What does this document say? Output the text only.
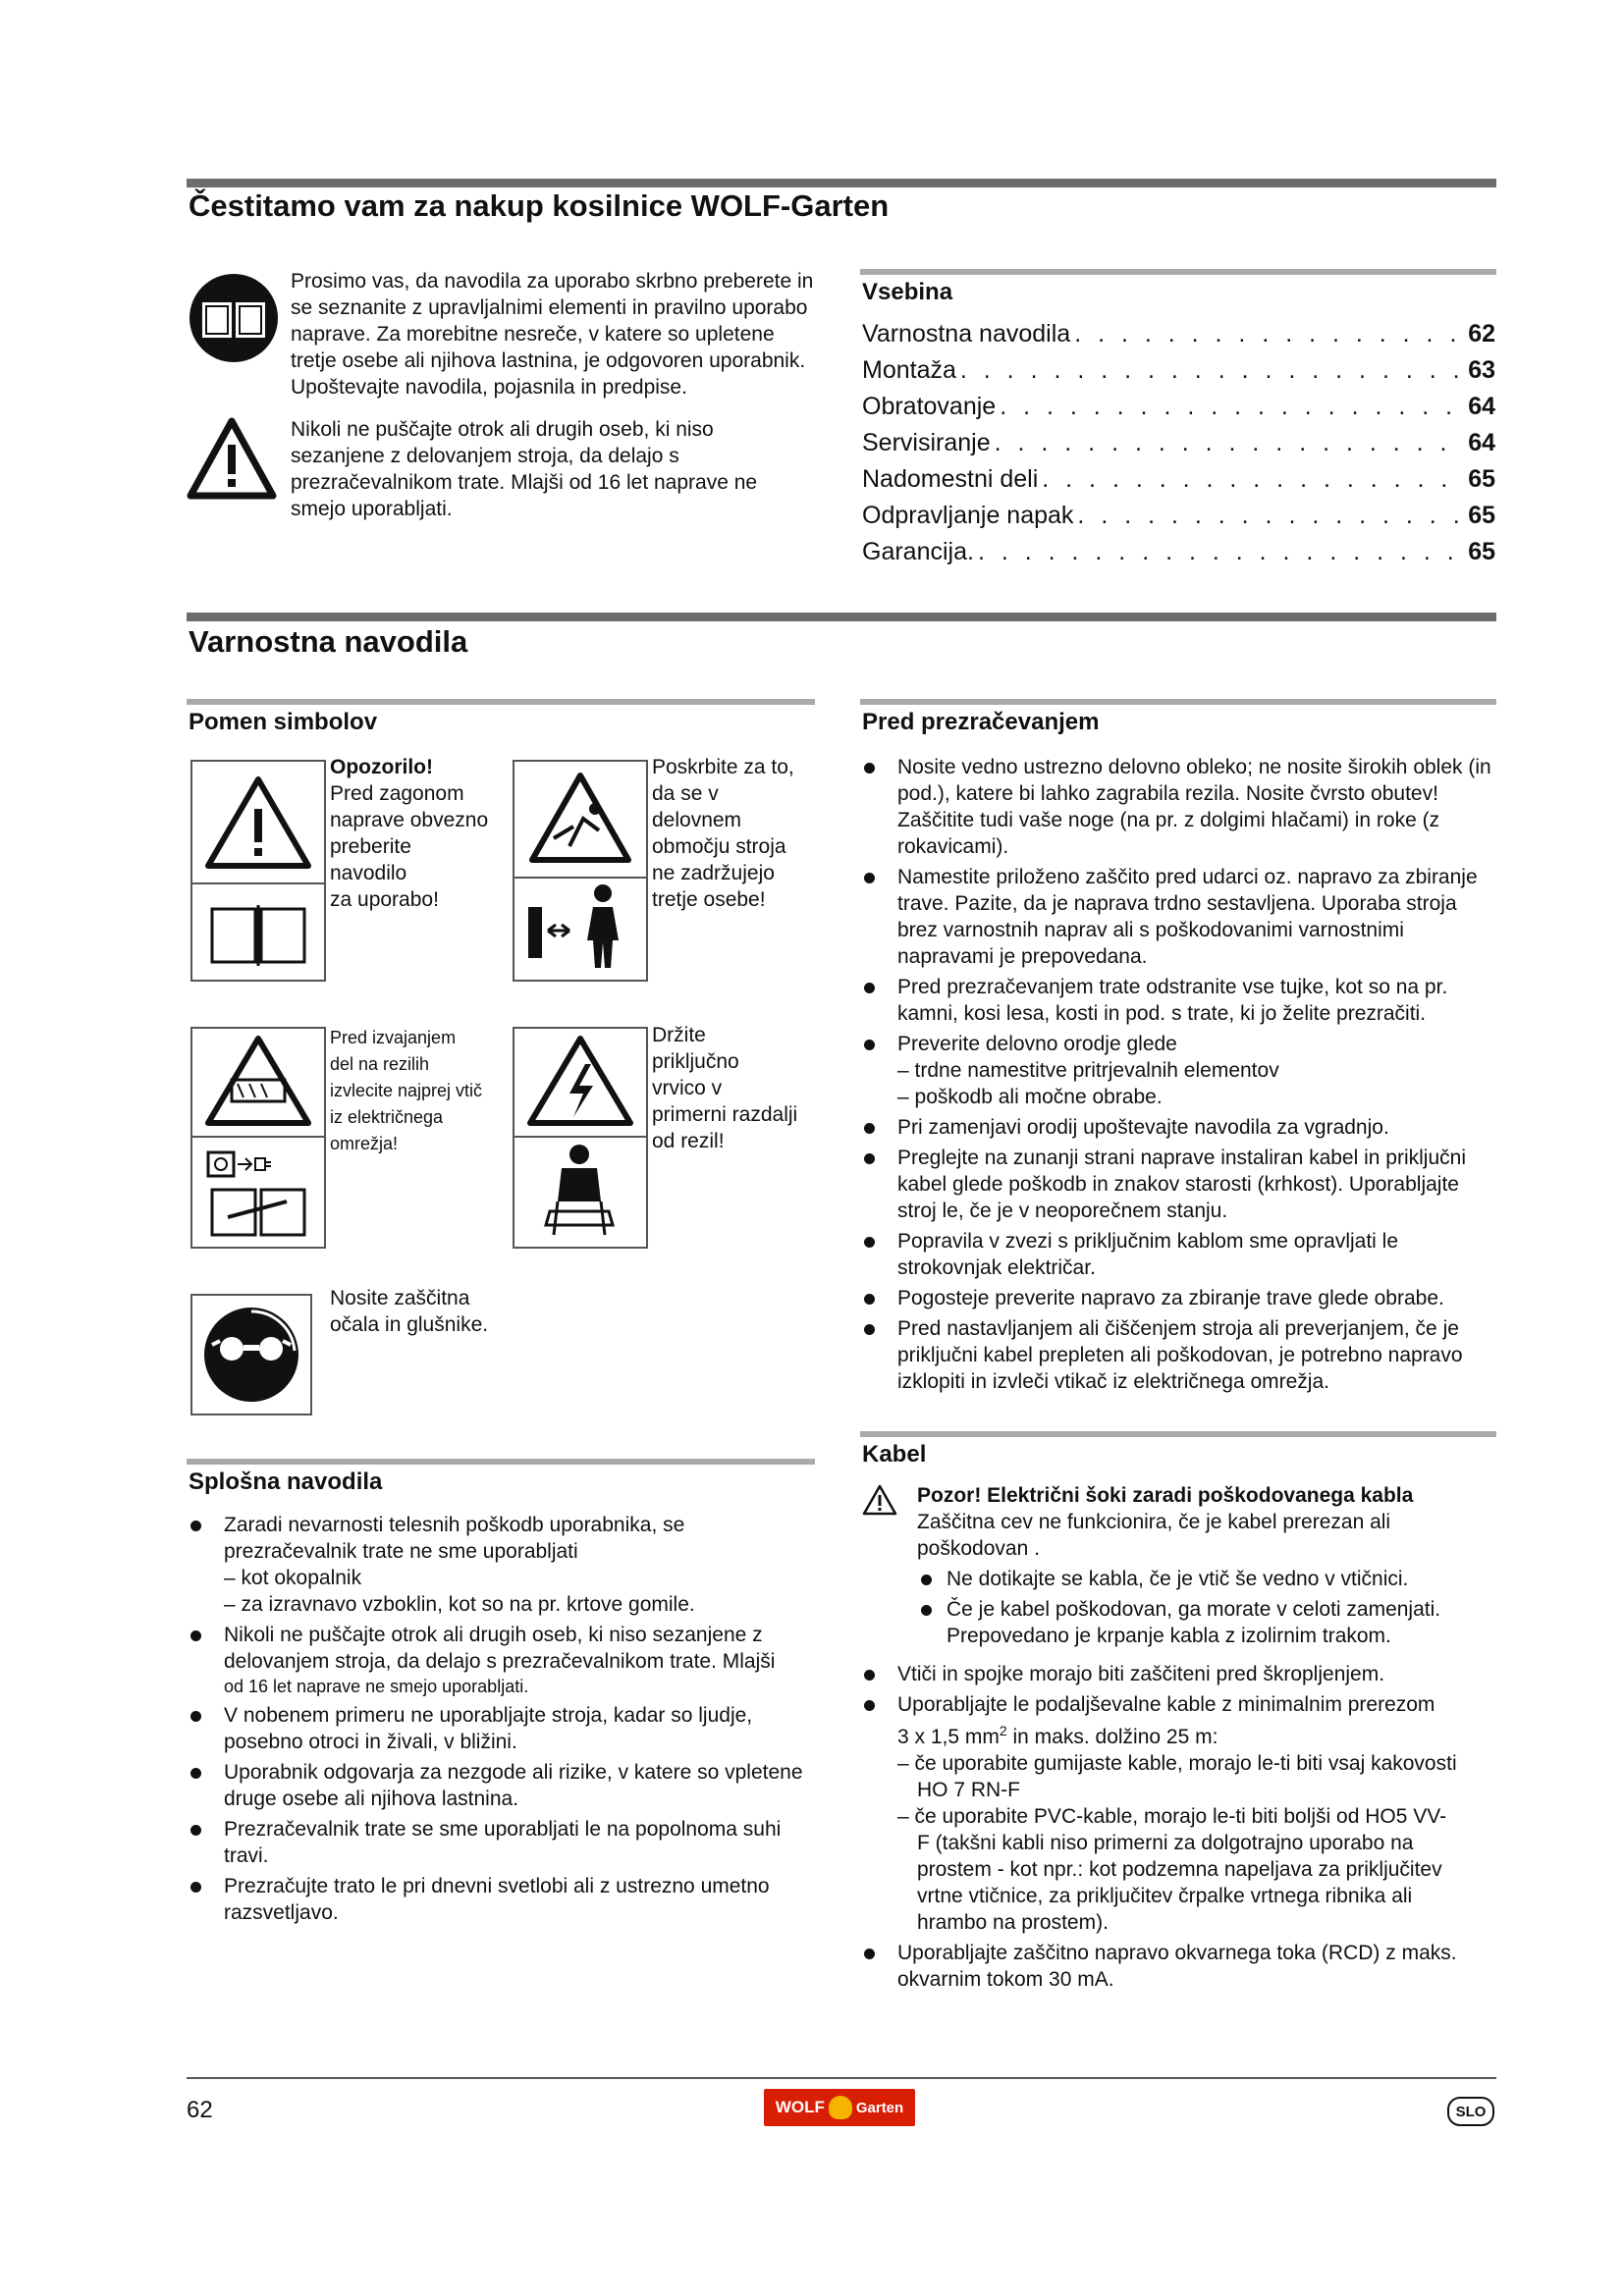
Čestitamo vam za nakup kosilnice WOLF-Garten
Prosimo vas, da navodila za uporabo skrbno preberete in se seznanite z upravljalnimi elementi in pravilno uporabo naprave. Za morebitne nesreče, v katere so upletene tretje osebe ali njihova lastnina, je odgovoren uporabnik. Upoštevajte navodila, pojasnila in predpise.
Nikoli ne puščajte otrok ali drugih oseb, ki niso sezanjene z delovanjem stroja, da delajo s prezračevalnikom trate. Mlajši od 16 let naprave ne smejo uporabljati.
Vsebina
Varnostna navodila . . .	62
Montaža . . .	63
Obratovanje . . .	64
Servisiranje . . .	64
Nadomestni deli . . .	65
Odpravljanje napak . . .	65
Garancija. . . .	65
Varnostna navodila
Pomen simbolov
Opozorilo!
Pred zagonom
naprave obvezno
preberite
navodilo
za uporabo!
Poskrbite za to,
da se v
delovnem
območju stroja
ne zadržujejo
tretje osebe!
Pred izvajanjem
del na rezilih
izvlecite najprej vtič
iz električnega
omrežja!
Držite
priključno
vrvico v
primerni razdalji
od rezil!
Nosite zaščitna
očala in glušnike.
Splošna navodila
Zaradi nevarnosti telesnih poškodb uporabnika, se prezračevalnik trate ne sme uporabljati
– kot okopalnik
– za izravnavo vzboklin, kot so na pr. krtove gomile.
Nikoli ne puščajte otrok ali drugih oseb, ki niso sezanjene z delovanjem stroja, da delajo s prezračevalnikom trate. Mlajši
od 16 let naprave ne smejo uporabljati.
V nobenem primeru ne uporabljajte stroja, kadar so ljudje, posebno otroci in živali, v bližini.
Uporabnik odgovarja za nezgode ali rizike, v katere so vpletene druge osebe ali njihova lastnina.
Prezračevalnik trate se sme uporabljati le na popolnoma suhi travi.
Prezračujte trato le pri dnevni svetlobi ali z ustrezno umetno razsvetljavo.
Pred prezračevanjem
Nosite vedno ustrezno delovno obleko; ne nosite širokih oblek (in pod.), katere bi lahko zagrabila rezila. Nosite čvrsto obutev! Zaščitite tudi vaše noge (na pr. z dolgimi hlačami) in roke (z rokavicami).
Namestite priloženo zaščito pred udarci oz. napravo za zbiranje trave. Pazite, da je naprava trdno sestavljena. Uporaba stroja brez varnostnih naprav ali s poškodovanimi varnostnimi napravami je prepovedana.
Pred prezračevanjem trate odstranite vse tujke, kot so na pr. kamni, kosi lesa, kosti in pod. s trate, ki jo želite prezračiti.
Preverite delovno orodje glede
– trdne namestitve pritrjevalnih elementov
– poškodb ali močne obrabe.
Pri zamenjavi orodij upoštevajte navodila za vgradnjo.
Preglejte na zunanji strani naprave instaliran kabel in priključni kabel glede poškodb in znakov starosti (krhkost). Uporabljajte stroj le, če je v neoporečnem stanju.
Popravila v zvezi s priključnim kablom sme opravljati le strokovnjak električar.
Pogosteje preverite napravo za zbiranje trave glede obrabe.
Pred nastavljanjem ali čiščenjem stroja ali preverjanjem, če je priključni kabel prepleten ali poškodovan, je potrebno napravo izklopiti in izvleči vtikač iz električnega omrežja.
Kabel
Pozor! Električni šoki zaradi poškodovanega kabla
Zaščitna cev ne funkcionira, če je kabel prerezan ali poškodovan .
Ne dotikajte se kabla, če je vtič še vedno v vtičnici.
Če je kabel poškodovan, ga morate v celoti zamenjati. Prepovedano je krpanje kabla z izolirnim trakom.
Vtiči in spojke morajo biti zaščiteni pred škropljenjem.
Uporabljajte le podaljševalne kable z minimalnim prerezom
3 x 1,5 $mm^2$ in maks. dolžino 25 m:
– če uporabite gumijaste kable, morajo le-ti biti vsaj kakovosti
HO 7 RN-F
– če uporabite PVC-kable, morajo le-ti biti boljši od HO5 VV-
F (takšni kabli niso primerni za dolgotrajno uporabo na
prostem - kot npr.: kot podzemna napeljava za priključitev
vrtne vtičnice, za priključitev črpalke vrtnega ribnika ali
hrambo na prostem).
Uporabljajte zaščitno napravo okvarnega toka (RCD) z maks. okvarnim tokom 30 mA.
62	WOLF Garten	SLO
